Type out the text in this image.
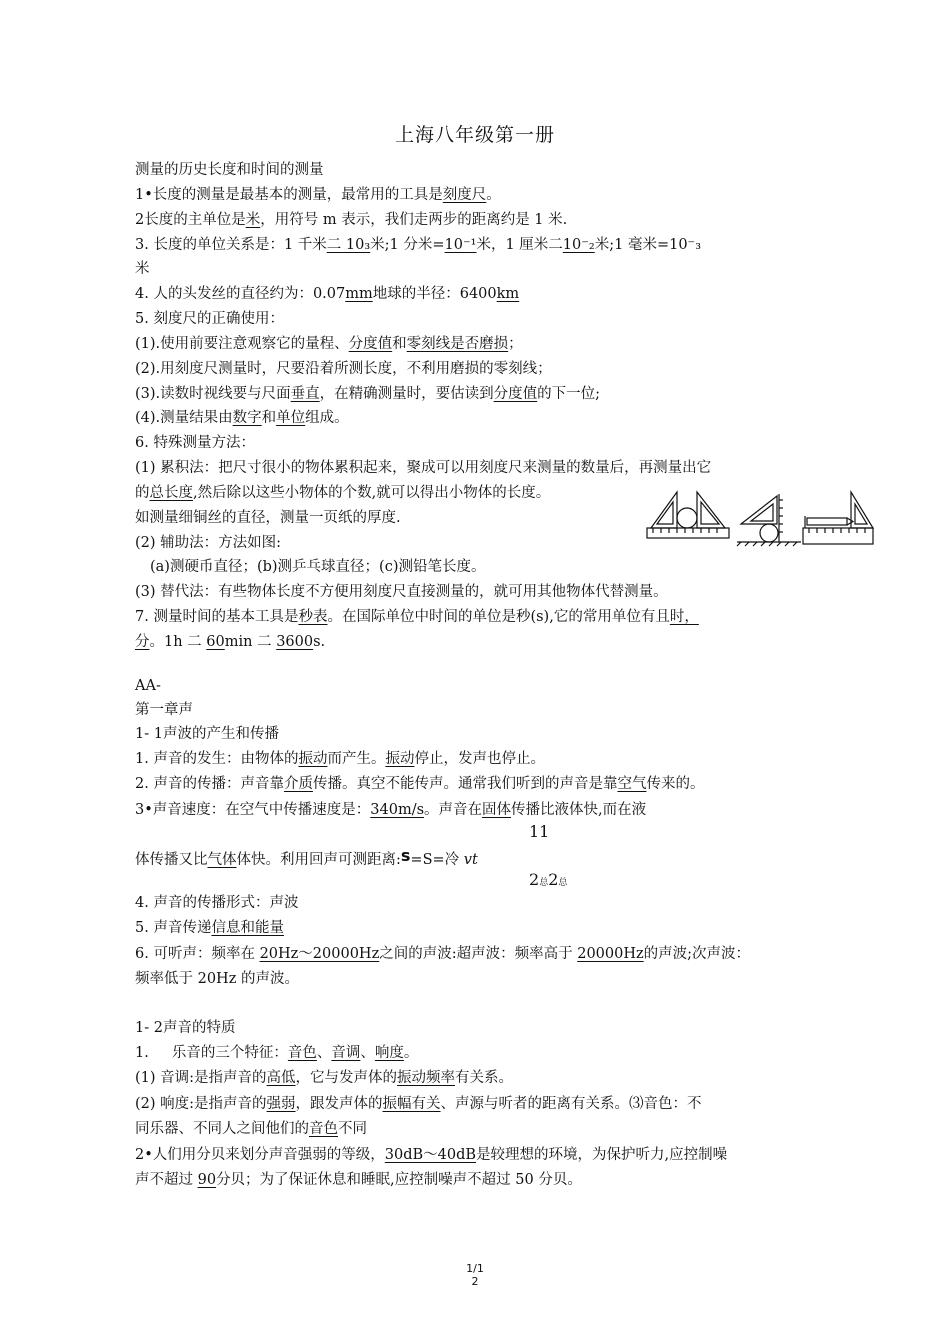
上海八年级第一册
测量的历史长度和时间的测量
1•长度的测量是最基本的测量，最常用的工具是刻度尺。
2长度的主单位是米，用符号 m 表示，我们走两步的距离约是 1 米.
3. 长度的单位关系是：1 千米二 10₃米;1 分米=10⁻¹米，1 厘米二10⁻₂米;1 毫米=10⁻₃
米
4. 人的头发丝的直径约为：0.07mm地球的半径：6400km
5. 刻度尺的正确使用：
(1).使用前要注意观察它的量程、分度值和零刻线是否磨损；
(2).用刻度尺测量时，尺要沿着所测长度，不利用磨损的零刻线；
(3).读数时视线要与尺面垂直，在精确测量时，要估读到分度值的下一位;
(4).测量结果由数字和单位组成。
6. 特殊测量方法：
(1) 累积法：把尺寸很小的物体累积起来，聚成可以用刻度尺来测量的数量后，再测量出它
的总长度,然后除以这些小物体的个数,就可以得出小物体的长度。
如测量细铜丝的直径，测量一页纸的厚度.
(2) 辅助法：方法如图:
(a)测硬币直径；(b)测乒乓球直径；(c)测铅笔长度。
(3) 替代法：有些物体长度不方便用刻度尺直接测量的，就可用其他物体代替测量。
7. 测量时间的基本工具是秒表。在国际单位中时间的单位是秒(s),它的常用单位有且时，
分。1h 二 60min 二 3600s.
AA-
第一章声
1- 1声波的产生和传播
1. 声音的发生：由物体的振动而产生。振动停止，发声也停止。
2. 声音的传播：声音靠介质传播。真空不能传声。通常我们听到的声音是靠空气传来的。
3•声音速度：在空气中传播速度是：340m/s。声音在固体传播比液体快,而在液
11
体传播又比气体体快。利用回声可测距离:s=S=冷 vt
2总2总
4. 声音的传播形式：声波
5. 声音传递信息和能量
6. 可听声：频率在 20Hz～20000Hz之间的声波:超声波：频率高于 20000Hz的声波;次声波：
频率低于 20Hz 的声波。
1- 2声音的特质
1.     乐音的三个特征：音色、音调、响度。
(1) 音调:是指声音的高低，它与发声体的振动频率有关系。
(2) 响度:是指声音的强弱，跟发声体的振幅有关、声源与听者的距离有关系。⑶音色：不
同乐器、不同人之间他们的音色不同
2•人们用分贝来划分声音强弱的等级，30dB～40dB是较理想的环境，为保护听力,应控制噪
声不超过 90分贝；为了保证休息和睡眠,应控制噪声不超过 50 分贝。
1/1
2
